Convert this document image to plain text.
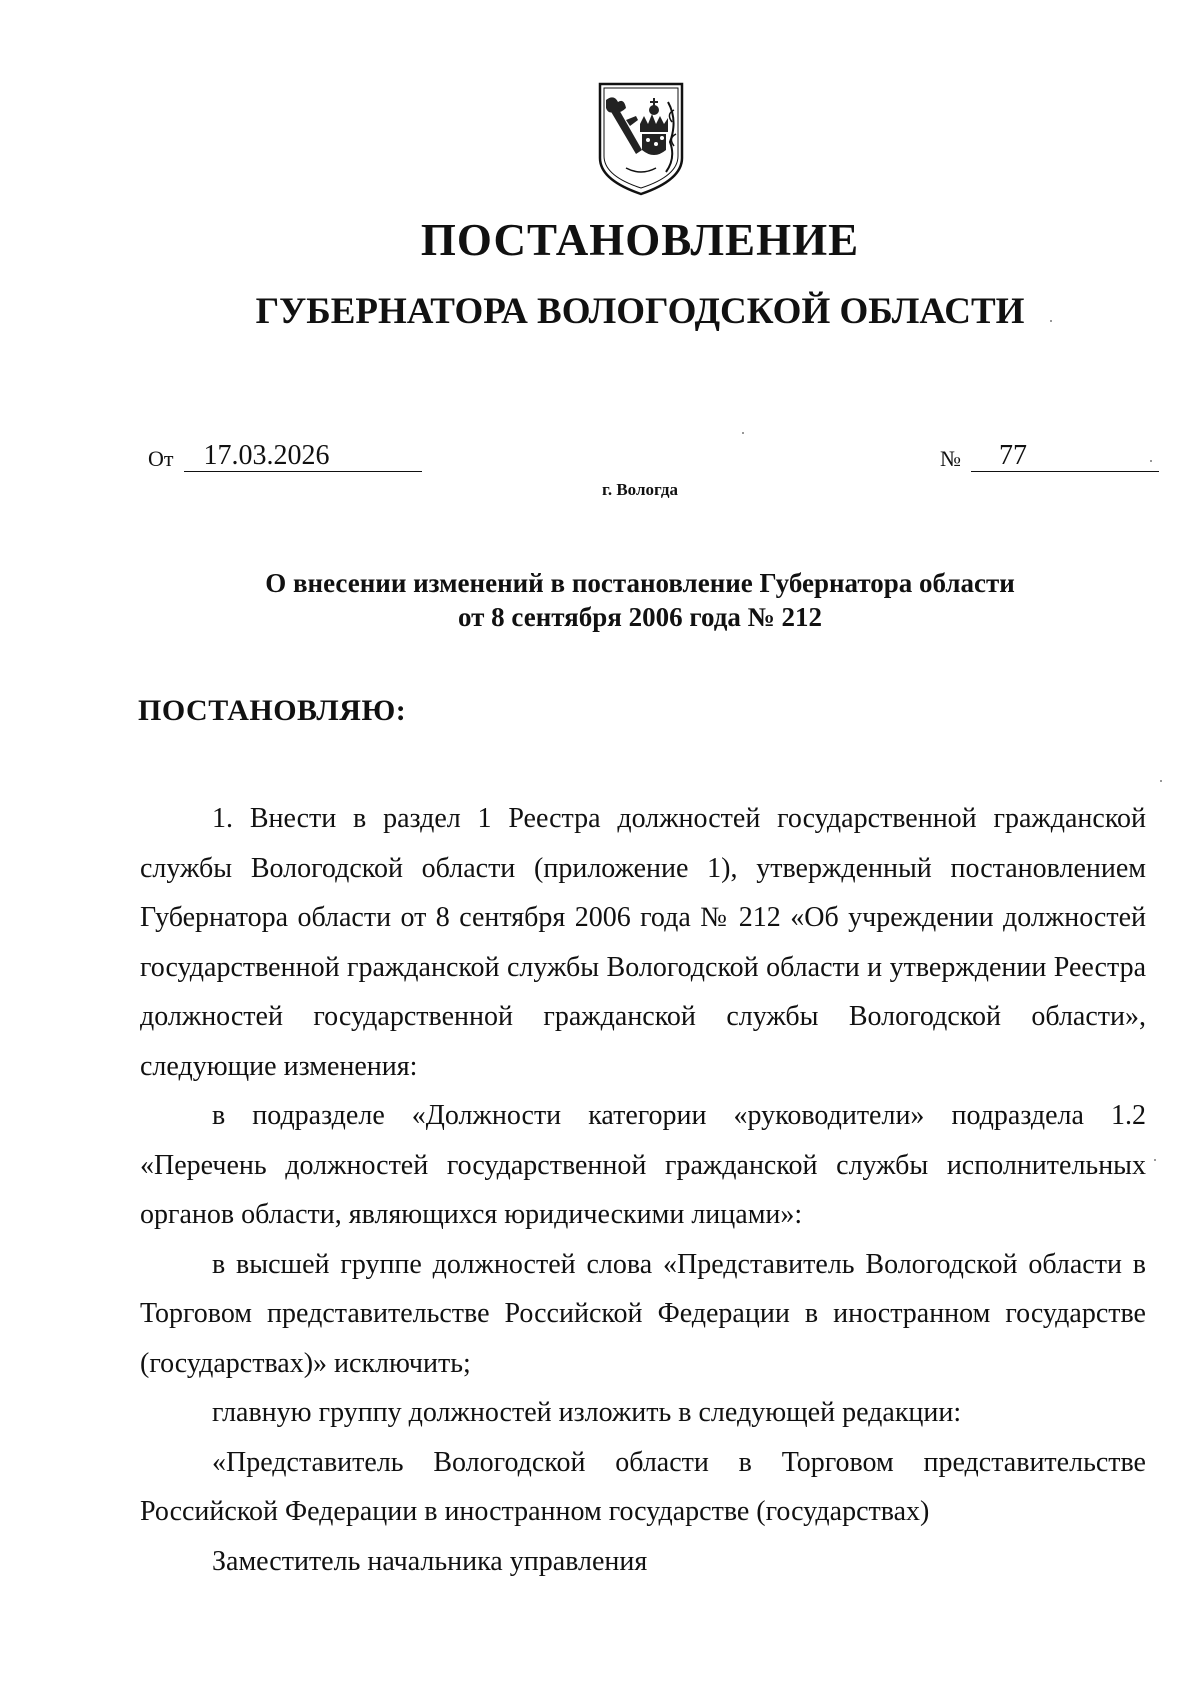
ПОСТАНОВЛЕНИЕ
ГУБЕРНАТОРА ВОЛОГОДСКОЙ ОБЛАСТИ
От	17.03.2026	№	77
г. Вологда
О внесении изменений в постановление Губернатора области
от 8 сентября 2006 года № 212
ПОСТАНОВЛЯЮ:

1. Внести в раздел 1 Реестра должностей государственной гражданской службы Вологодской области (приложение 1), утвержденный постановлением Губернатора области от 8 сентября 2006 года № 212 «Об учреждении должностей государственной гражданской службы Вологодской области и утверждении Реестра должностей государственной гражданской службы Вологодской области», следующие изменения:

в подразделе «Должности категории «руководители» подраздела 1.2 «Перечень должностей государственной гражданской службы исполнительных органов области, являющихся юридическими лицами»:

в высшей группе должностей слова «Представитель Вологодской области в Торговом представительстве Российской Федерации в иностранном государстве (государствах)» исключить;

главную группу должностей изложить в следующей редакции:

«Представитель Вологодской области в Торговом представительстве Российской Федерации в иностранном государстве (государствах)

Заместитель начальника управления
